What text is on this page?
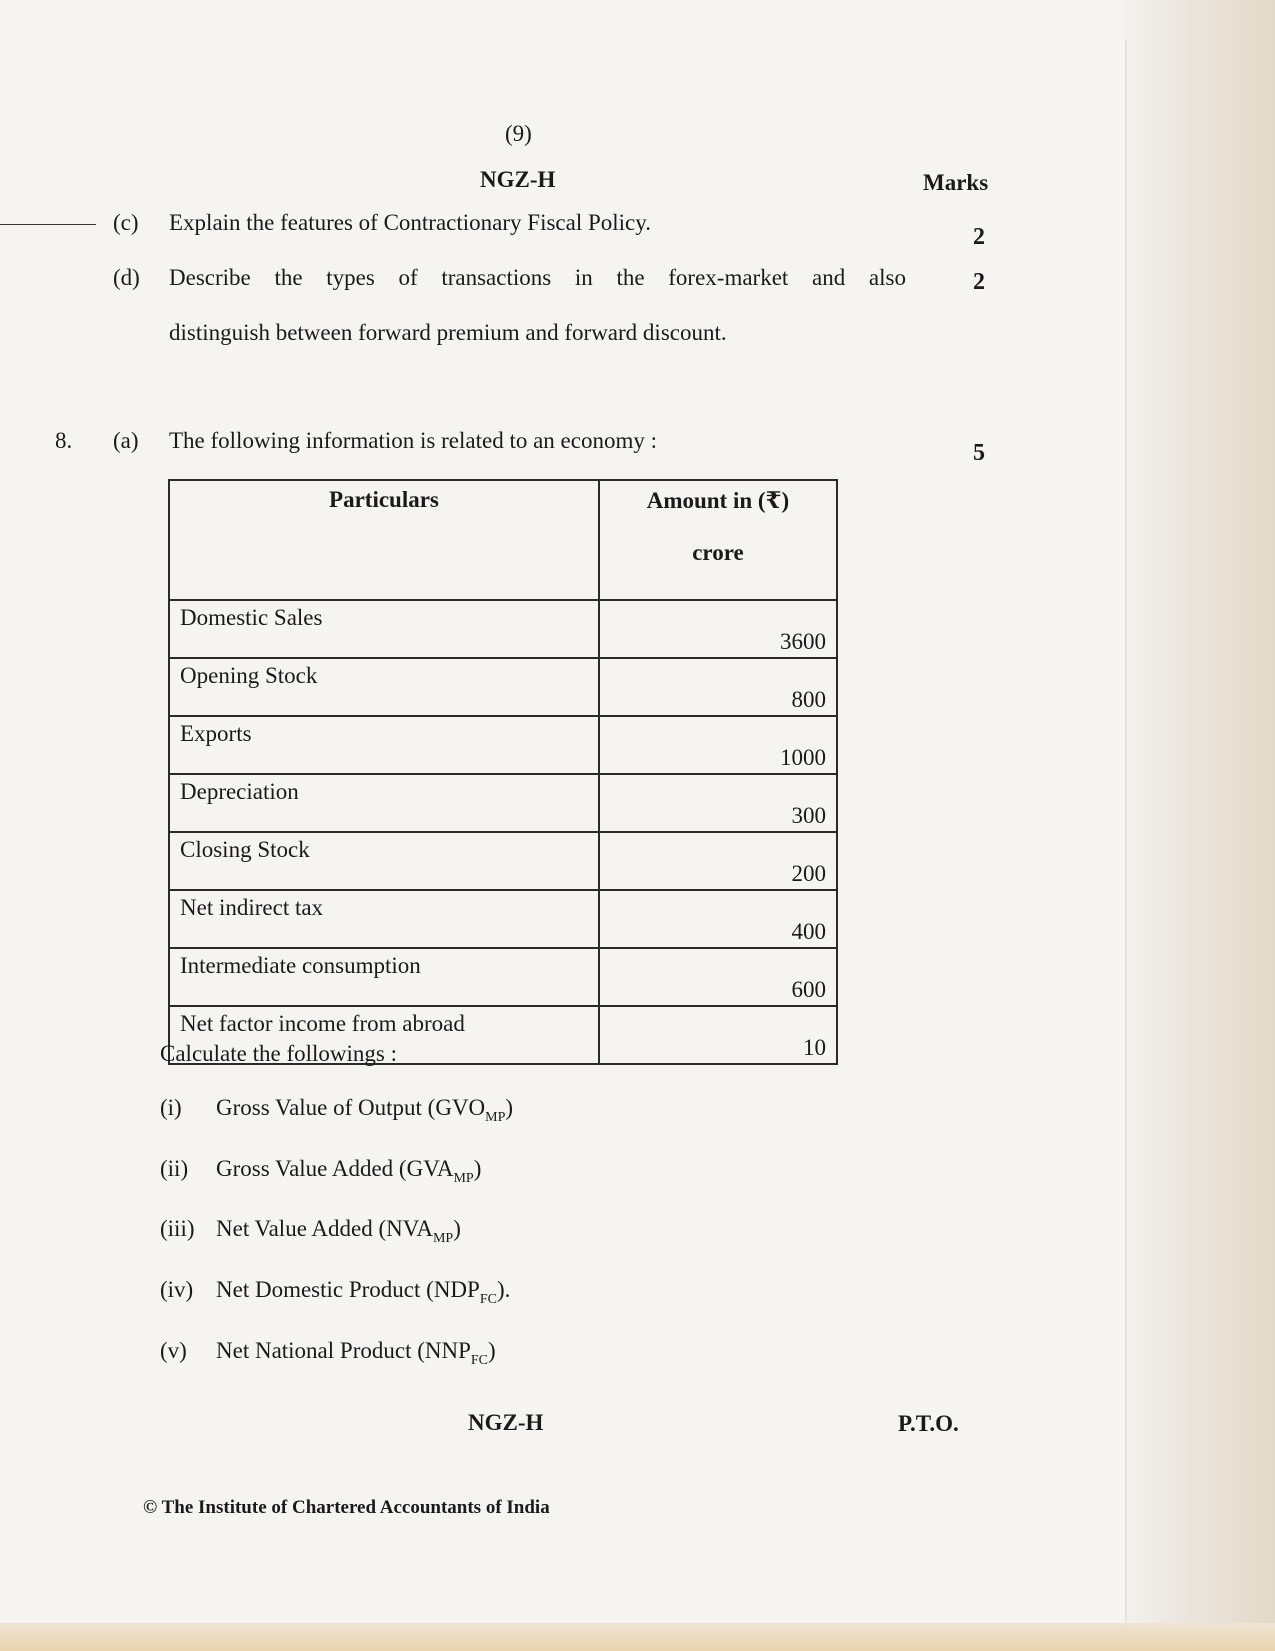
(9)
NGZ-H	Marks
(c) Explain the features of Contractionary Fiscal Policy.
2
(d) Describe the types of transactions in the forex-market and also
distinguish between forward premium and forward discount.
2
8. (a) The following information is related to an economy :	5
Particulars	Amount in (₹)
crore

Domestic Sales	3600
Opening Stock	800
Exports	1000
Depreciation	300
Closing Stock	200
Net indirect tax	400
Intermediate consumption	600
Net factor income from abroad	10
Calculate the followings :
(i) Gross Value of Output $(GVO_{MP})$
(ii) Gross Value Added $(GVA_{MP})$
(iii) Net Value Added $(NVA_{MP})$
(iv) Net Domestic Product $(NDP_{FC})$.
(v) Net National Product $(NNP_{FC})$
NGZ-H	P.T.O.
© The Institute of Chartered Accountants of India
